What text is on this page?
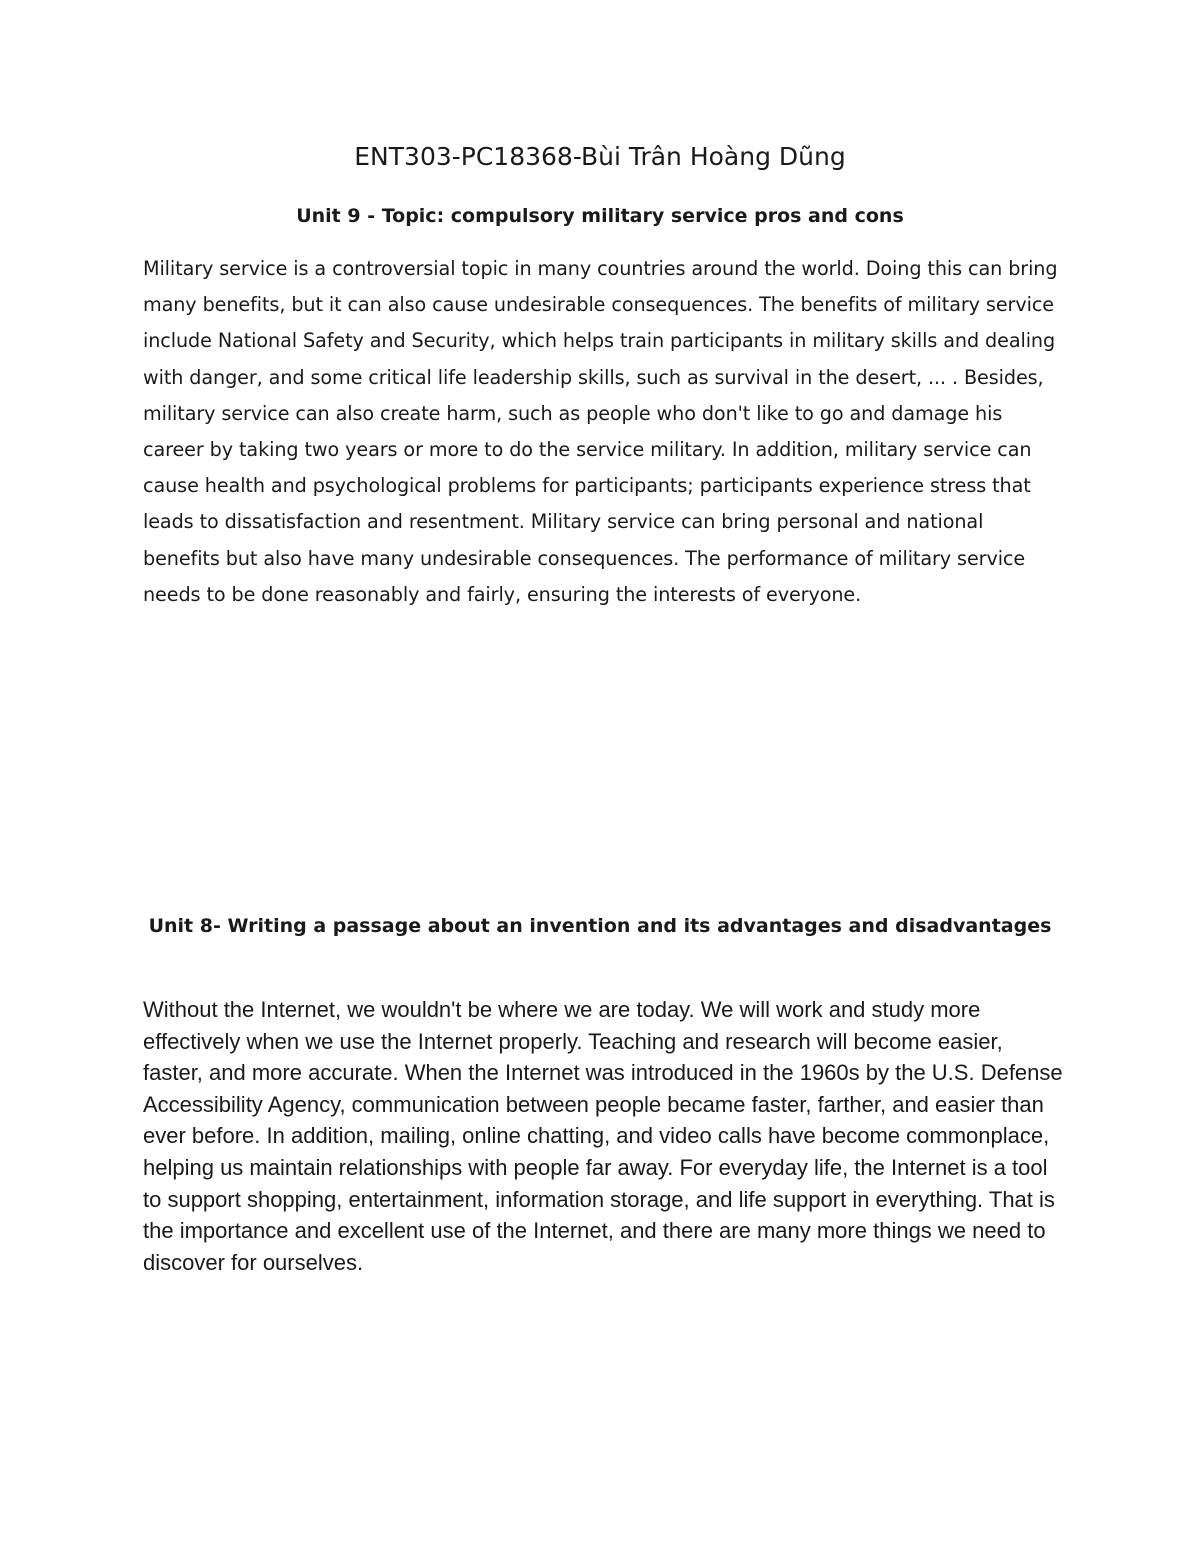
ENT303-PC18368-Bùi Trân Hoàng Dũng
Unit 9 - Topic: compulsory military service pros and cons

Military service is a controversial topic in many countries around the world. Doing this can bring many benefits, but it can also cause undesirable consequences. The benefits of military service include National Safety and Security, which helps train participants in military skills and dealing with danger, and some critical life leadership skills, such as survival in the desert, ... . Besides, military service can also create harm, such as people who don't like to go and damage his career by taking two years or more to do the service military. In addition, military service can cause health and psychological problems for participants; participants experience stress that leads to dissatisfaction and resentment. Military service can bring personal and national benefits but also have many undesirable consequences. The performance of military service needs to be done reasonably and fairly, ensuring the interests of everyone.

Unit 8- Writing a passage about an invention and its advantages and disadvantages

Without the Internet, we wouldn't be where we are today. We will work and study more effectively when we use the Internet properly. Teaching and research will become easier, faster, and more accurate. When the Internet was introduced in the 1960s by the U.S. Defense Accessibility Agency, communication between people became faster, farther, and easier than ever before. In addition, mailing, online chatting, and video calls have become commonplace, helping us maintain relationships with people far away. For everyday life, the Internet is a tool to support shopping, entertainment, information storage, and life support in everything. That is the importance and excellent use of the Internet, and there are many more things we need to discover for ourselves.
